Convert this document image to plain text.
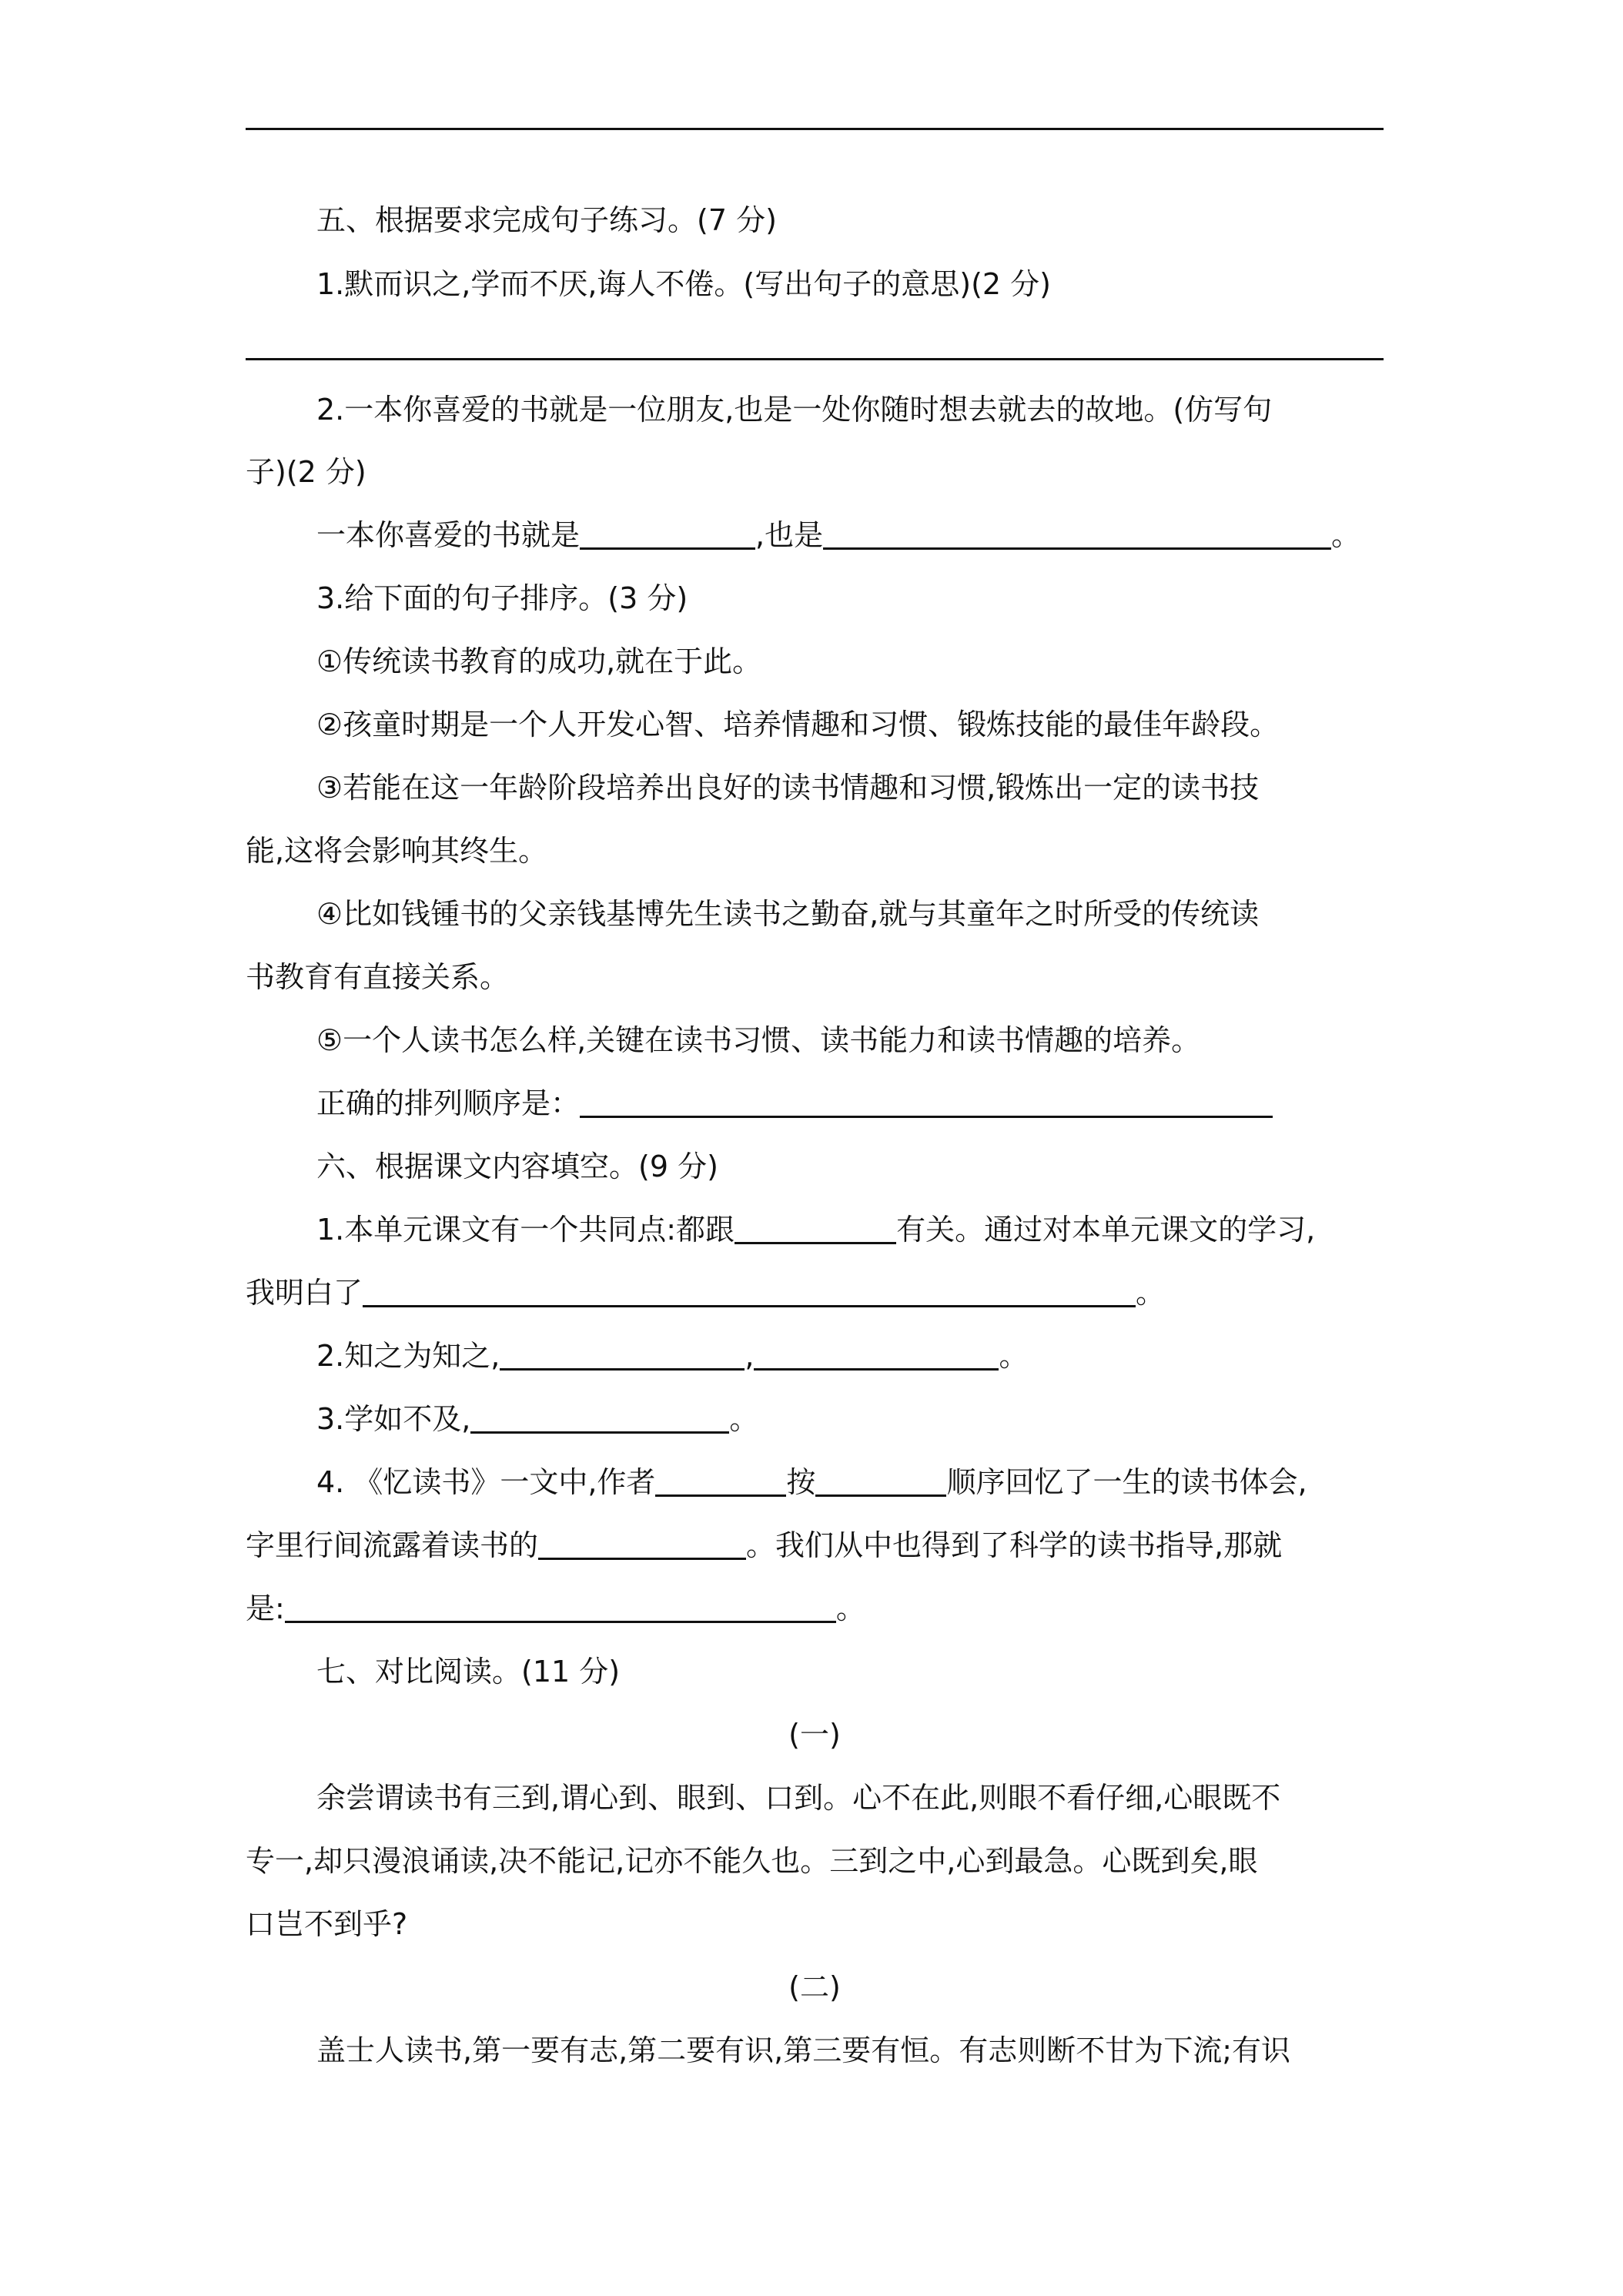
五、根据要求完成句子练习。(7 分)
1.默而识之,学而不厌,诲人不倦。(写出句子的意思)(2 分)
2.一本你喜爱的书就是一位朋友,也是一处你随时想去就去的故地。(仿写句
子)(2 分)
一本你喜爱的书就是	,也是	。
3.给下面的句子排序。(3 分)
①传统读书教育的成功,就在于此。
②孩童时期是一个人开发心智、培养情趣和习惯、锻炼技能的最佳年龄段。
③若能在这一年龄阶段培养出良好的读书情趣和习惯,锻炼出一定的读书技
能,这将会影响其终生。
④比如钱锺书的父亲钱基博先生读书之勤奋,就与其童年之时所受的传统读
书教育有直接关系。
⑤一个人读书怎么样,关键在读书习惯、读书能力和读书情趣的培养。
正确的排列顺序是：
六、根据课文内容填空。(9 分)
1.本单元课文有一个共同点:都跟	有关。通过对本单元课文的学习,
我明白了	。
2.知之为知之,	,	。
3.学如不及,	。
4. 《忆读书》一文中,作者	按	顺序回忆了一生的读书体会,
字里行间流露着读书的	。我们从中也得到了科学的读书指导,那就
是:	。
七、对比阅读。(11 分)
(一)
余尝谓读书有三到,谓心到、眼到、口到。心不在此,则眼不看仔细,心眼既不
专一,却只漫浪诵读,决不能记,记亦不能久也。三到之中,心到最急。心既到矣,眼
口岂不到乎?
(二)
盖士人读书,第一要有志,第二要有识,第三要有恒。有志则断不甘为下流;有识
